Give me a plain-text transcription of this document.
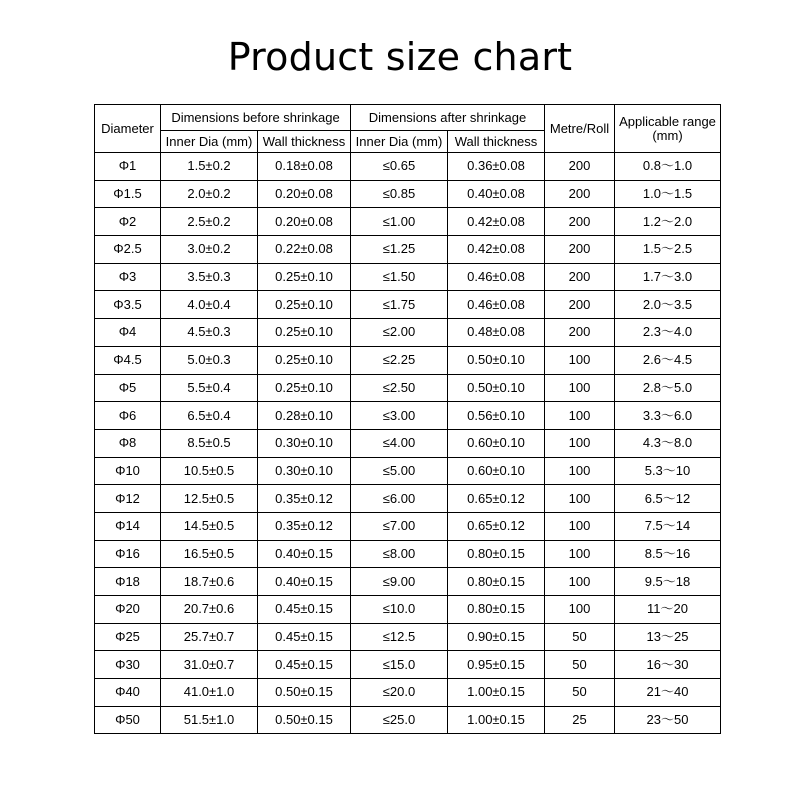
Product size chart
Diameter	Dimensions before shrinkage		Dimensions after shrinkage		Metre/Roll	Applicable range
(mm)

	Inner Dia (mm)	Wall thickness	Inner Dia (mm)	Wall thickness		
Φ1	1.5±0.2	0.18±0.08	≤0.65	0.36±0.08	200	0.8～1.0
Φ1.5	2.0±0.2	0.20±0.08	≤0.85	0.40±0.08	200	1.0～1.5
Φ2	2.5±0.2	0.20±0.08	≤1.00	0.42±0.08	200	1.2～2.0
Φ2.5	3.0±0.2	0.22±0.08	≤1.25	0.42±0.08	200	1.5～2.5
Φ3	3.5±0.3	0.25±0.10	≤1.50	0.46±0.08	200	1.7～3.0
Φ3.5	4.0±0.4	0.25±0.10	≤1.75	0.46±0.08	200	2.0～3.5
Φ4	4.5±0.3	0.25±0.10	≤2.00	0.48±0.08	200	2.3～4.0
Φ4.5	5.0±0.3	0.25±0.10	≤2.25	0.50±0.10	100	2.6～4.5
Φ5	5.5±0.4	0.25±0.10	≤2.50	0.50±0.10	100	2.8～5.0
Φ6	6.5±0.4	0.28±0.10	≤3.00	0.56±0.10	100	3.3～6.0
Φ8	8.5±0.5	0.30±0.10	≤4.00	0.60±0.10	100	4.3～8.0
Φ10	10.5±0.5	0.30±0.10	≤5.00	0.60±0.10	100	5.3～10
Φ12	12.5±0.5	0.35±0.12	≤6.00	0.65±0.12	100	6.5～12
Φ14	14.5±0.5	0.35±0.12	≤7.00	0.65±0.12	100	7.5～14
Φ16	16.5±0.5	0.40±0.15	≤8.00	0.80±0.15	100	8.5～16
Φ18	18.7±0.6	0.40±0.15	≤9.00	0.80±0.15	100	9.5～18
Φ20	20.7±0.6	0.45±0.15	≤10.0	0.80±0.15	100	11～20
Φ25	25.7±0.7	0.45±0.15	≤12.5	0.90±0.15	50	13～25
Φ30	31.0±0.7	0.45±0.15	≤15.0	0.95±0.15	50	16～30
Φ40	41.0±1.0	0.50±0.15	≤20.0	1.00±0.15	50	21～40
Φ50	51.5±1.0	0.50±0.15	≤25.0	1.00±0.15	25	23～50
